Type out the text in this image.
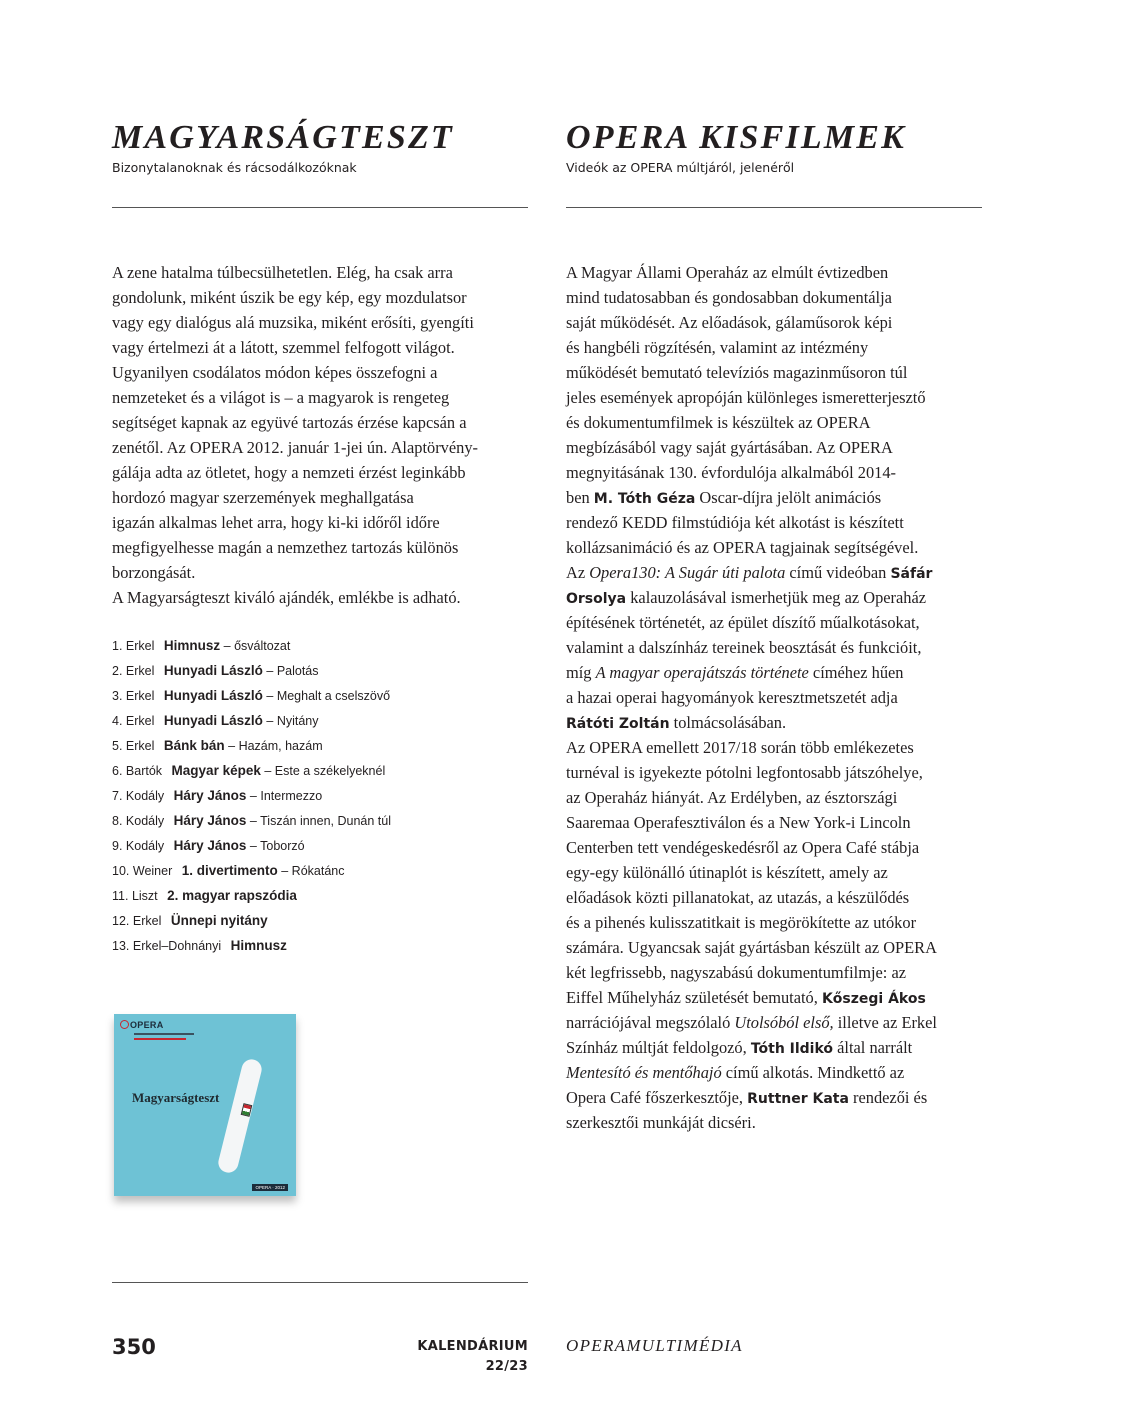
MAGYARSÁGTESZT
Bizonytalanoknak és rácsodálkozóknak
A zene hatalma túlbecsülhetetlen. Elég, ha csak arra
gondolunk, miként úszik be egy kép, egy mozdulatsor
vagy egy dialógus alá muzsika, miként erősíti, gyengíti
vagy értelmezi át a látott, szemmel felfogott világot.
Ugyanilyen csodálatos módon képes összefogni a
nemzeteket és a világot is – a magyarok is rengeteg
segítséget kapnak az együvé tartozás érzése kapcsán a
zenétől. Az OPERA 2012. január 1-jei ún. Alaptörvény-
gálája adta az ötletet, hogy a nemzeti érzést leginkább
hordozó magyar szerzemények meghallgatása
igazán alkalmas lehet arra, hogy ki-ki időről időre
megfigyelhesse magán a nemzethez tartozás különös
borzongását.
A Magyarságteszt kiváló ajándék, emlékbe is adható.
1. Erkel Himnusz – ősváltozat
2. Erkel Hunyadi László – Palotás
3. Erkel Hunyadi László – Meghalt a cselszövő
4. Erkel Hunyadi László – Nyitány
5. Erkel Bánk bán – Hazám, hazám
6. Bartók Magyar képek – Este a székelyeknél
7. Kodály Háry János – Intermezzo
8. Kodály Háry János – Tiszán innen, Dunán túl
9. Kodály Háry János – Toborzó
10. Weiner 1. divertimento – Rókatánc
11. Liszt 2. magyar rapszódia
12. Erkel Ünnepi nyitány
13. Erkel–Dohnányi Himnusz
OPERA
Magyarságteszt
OPERA · 2012
OPERA KISFILMEK
Videók az OPERA múltjáról, jelenéről
A Magyar Állami Operaház az elmúlt évtizedben
mind tudatosabban és gondosabban dokumentálja
saját működését. Az előadások, gálaműsorok képi
és hangbéli rögzítésén, valamint az intézmény
működését bemutató televíziós magazinműsoron túl
jeles események apropóján különleges ismeretterjesztő
és dokumentumfilmek is készültek az OPERA
megbízásából vagy saját gyártásában. Az OPERA
megnyitásának 130. évfordulója alkalmából 2014-
ben M. Tóth Géza Oscar-díjra jelölt animációs
rendező KEDD filmstúdiója két alkotást is készített
kollázsanimáció és az OPERA tagjainak segítségével.
Az Opera130: A Sugár úti palota című videóban Sáfár
Orsolya kalauzolásával ismerhetjük meg az Operaház
építésének történetét, az épület díszítő műalkotásokat,
valamint a dalszínház tereinek beosztását és funkcióit,
míg A magyar operajátszás története címéhez hűen
a hazai operai hagyományok keresztmetszetét adja
Rátóti Zoltán tolmácsolásában.
Az OPERA emellett 2017/18 során több emlékezetes
turnéval is igyekezte pótolni legfontosabb játszóhelye,
az Operaház hiányát. Az Erdélyben, az észtországi
Saaremaa Operafesztiválon és a New York-i Lincoln
Centerben tett vendégeskedésről az Opera Café stábja
egy-egy különálló útinaplót is készített, amely az
előadások közti pillanatokat, az utazás, a készülődés
és a pihenés kulisszatitkait is megörökítette az utókor
számára. Ugyancsak saját gyártásban készült az OPERA
két legfrissebb, nagyszabású dokumentumfilmje: az
Eiffel Műhelyház születését bemutató, Kőszegi Ákos
narrációjával megszólaló Utolsóból első, illetve az Erkel
Színház múltját feldolgozó, Tóth Ildikó által narrált
Mentesító és mentőhajó című alkotás. Mindkettő az
Opera Café főszerkesztője, Ruttner Kata rendezői és
szerkesztői munkáját dicséri.
350	KALENDÁRIUM 22/23
OPERAMULTIMÉDIA
